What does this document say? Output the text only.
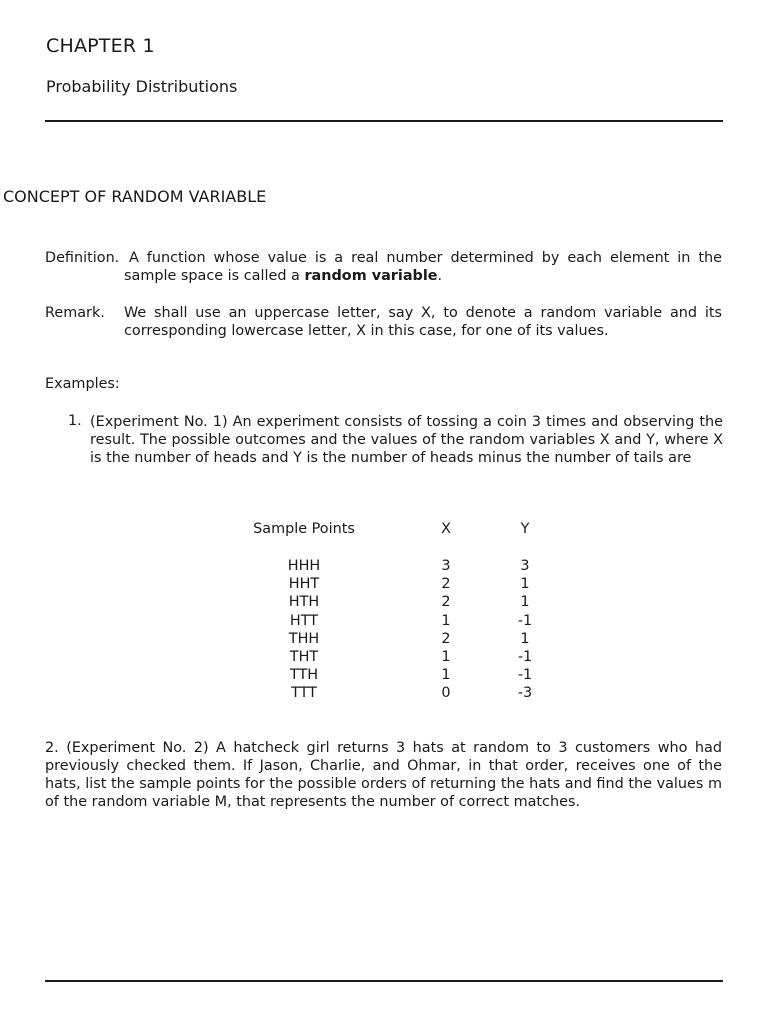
CHAPTER 1
Probability Distributions
CONCEPT OF RANDOM VARIABLE
Definition. A function whose value is a real number determined by each element in the
sample space is called a random variable.
Remark. We shall use an uppercase letter, say X, to denote a random variable and its corresponding lowercase letter, X in this case, for one of its values.
Examples:
1. (Experiment No. 1) An experiment consists of tossing a coin 3 times and observing the result. The possible outcomes and the values of the random variables X and Y, where X is the number of heads and Y is the number of heads minus the number of tails are
Sample Points	X	Y
HHH
HHT
HTH
HTT
THH
THT
TTH
TTT
3
2
2
1
2
1
1
0
3
1
1
-1
1
-1
-1
-3
2. (Experiment No. 2) A hatcheck girl returns 3 hats at random to 3 customers who had previously checked them. If Jason, Charlie, and Ohmar, in that order, receives one of the hats, list the sample points for the possible orders of returning the hats and find the values m of the random variable M, that represents the number of correct matches.
